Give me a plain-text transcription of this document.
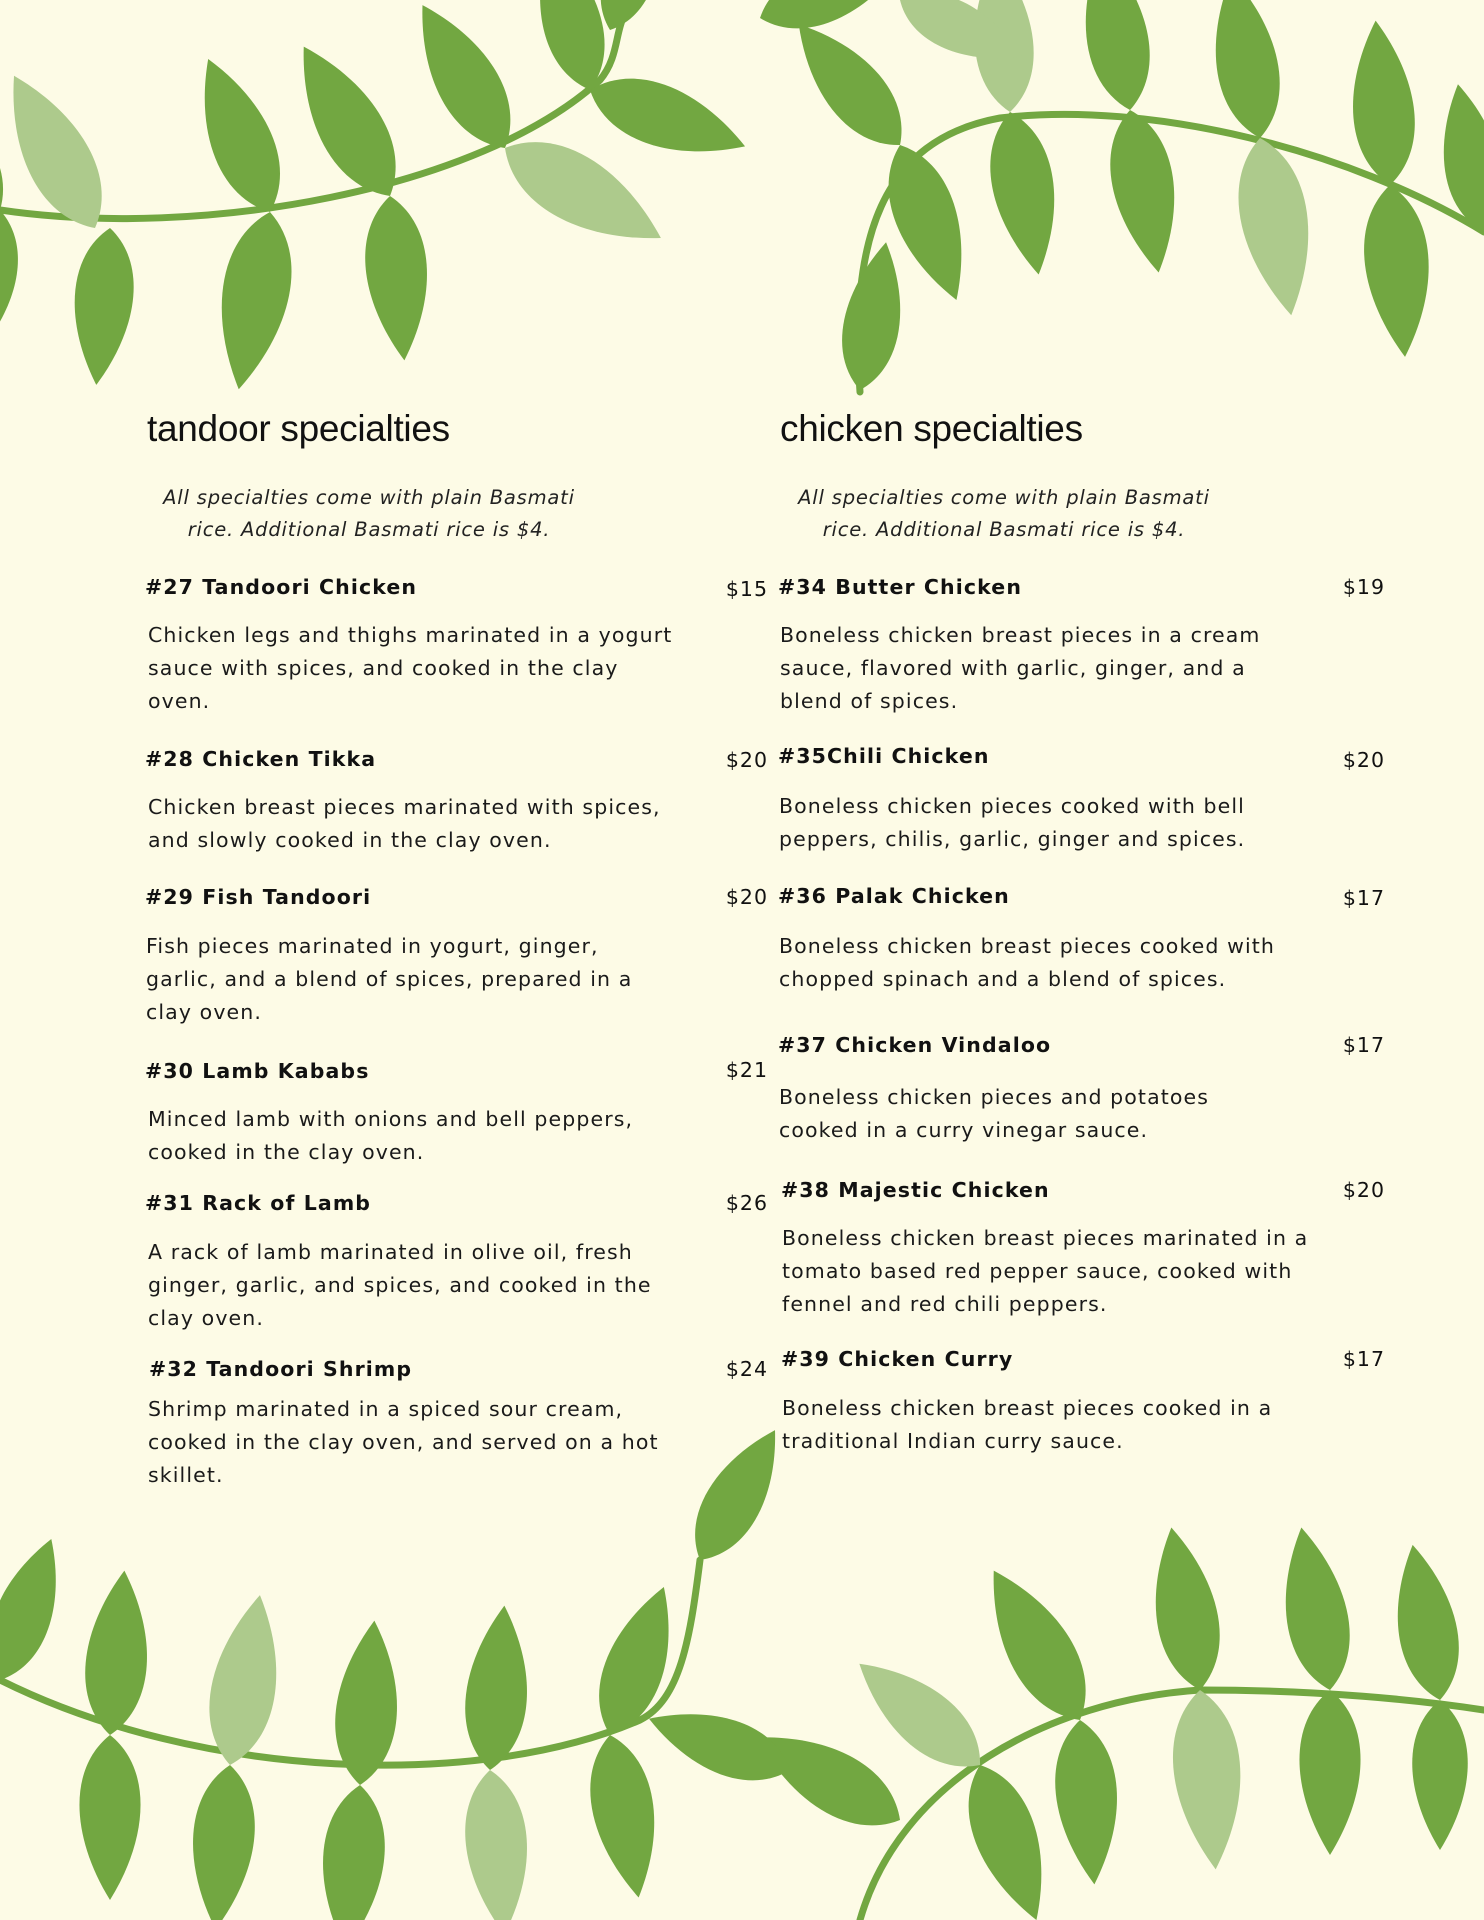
tandoor specialties
All specialties come with plain Basmati
rice. Additional Basmati rice is $4.
#27 Tandoori Chicken	$15
Chicken legs and thighs marinated in a yogurt sauce with spices, and cooked in the clay oven.
#28 Chicken Tikka	$20
Chicken breast pieces marinated with spices, and slowly cooked in the clay oven.
#29 Fish Tandoori	$20
Fish pieces marinated in yogurt, ginger, garlic, and a blend of spices, prepared in a clay oven.
#30 Lamb Kababs	$21
Minced lamb with onions and bell peppers, cooked in the clay oven.
#31 Rack of Lamb	$26
A rack of lamb marinated in olive oil, fresh ginger, garlic, and spices, and cooked in the clay oven.
#32 Tandoori Shrimp	$24
Shrimp marinated in a spiced sour cream, cooked in the clay oven, and served on a hot skillet.
chicken specialties
All specialties come with plain Basmati
rice. Additional Basmati rice is $4.
#34 Butter Chicken	$19
Boneless chicken breast pieces in a cream sauce, flavored with garlic, ginger, and a blend of spices.
#35Chili Chicken	$20
Boneless chicken pieces cooked with bell peppers, chilis, garlic, ginger and spices.
#36 Palak Chicken	$17
Boneless chicken breast pieces cooked with chopped spinach and a blend of spices.
#37 Chicken Vindaloo	$17
Boneless chicken pieces and potatoes cooked in a curry vinegar sauce.
#38 Majestic Chicken	$20
Boneless chicken breast pieces marinated in a tomato based red pepper sauce, cooked with fennel and red chili peppers.
#39 Chicken Curry	$17
Boneless chicken breast pieces cooked in a traditional Indian curry sauce.
